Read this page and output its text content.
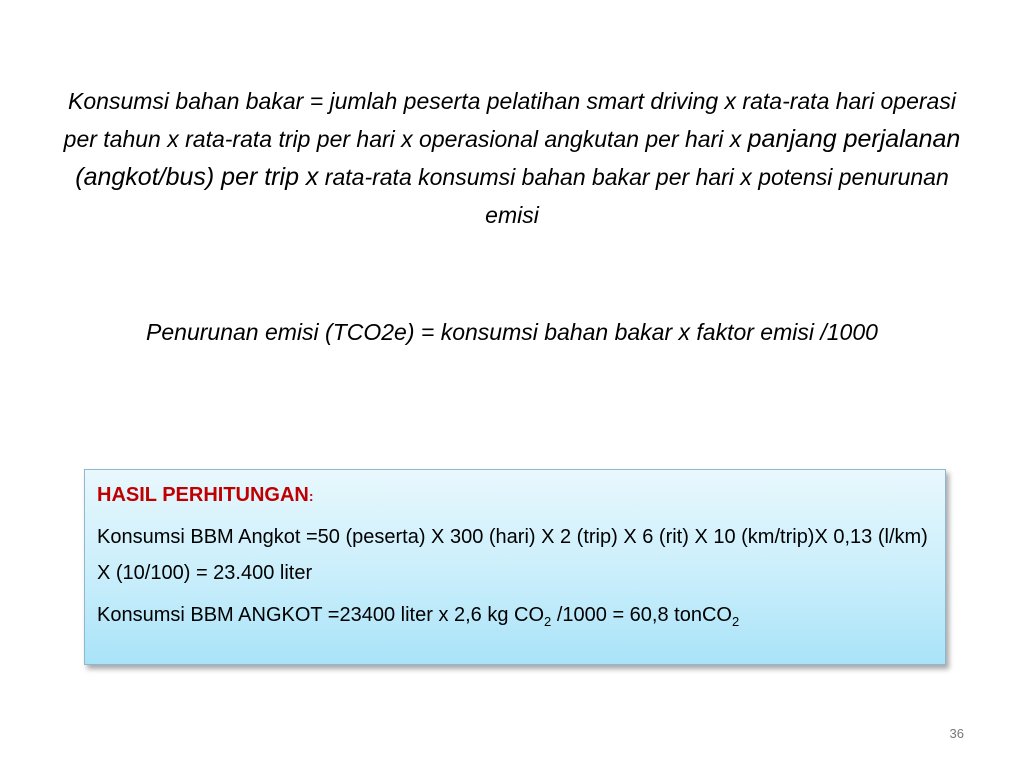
Konsumsi bahan bakar = jumlah peserta pelatihan smart driving x rata-rata hari operasi per tahun x rata-rata trip per hari x operasional angkutan per hari x panjang perjalanan (angkot/bus) per trip x rata-rata konsumsi bahan bakar per hari x potensi penurunan emisi
Penurunan emisi (TCO2e) = konsumsi bahan bakar x faktor emisi /1000

HASIL PERHITUNGAN:

Konsumsi BBM Angkot =50 (peserta) X 300 (hari) X 2 (trip) X 6 (rit) X 10 (km/trip)X 0,13 (l/km) X (10/100) = 23.400 liter

Konsumsi BBM ANGKOT =23400 liter x 2,6 kg $CO_2$ /1000 = 60,8 tonCO$_2$

36
